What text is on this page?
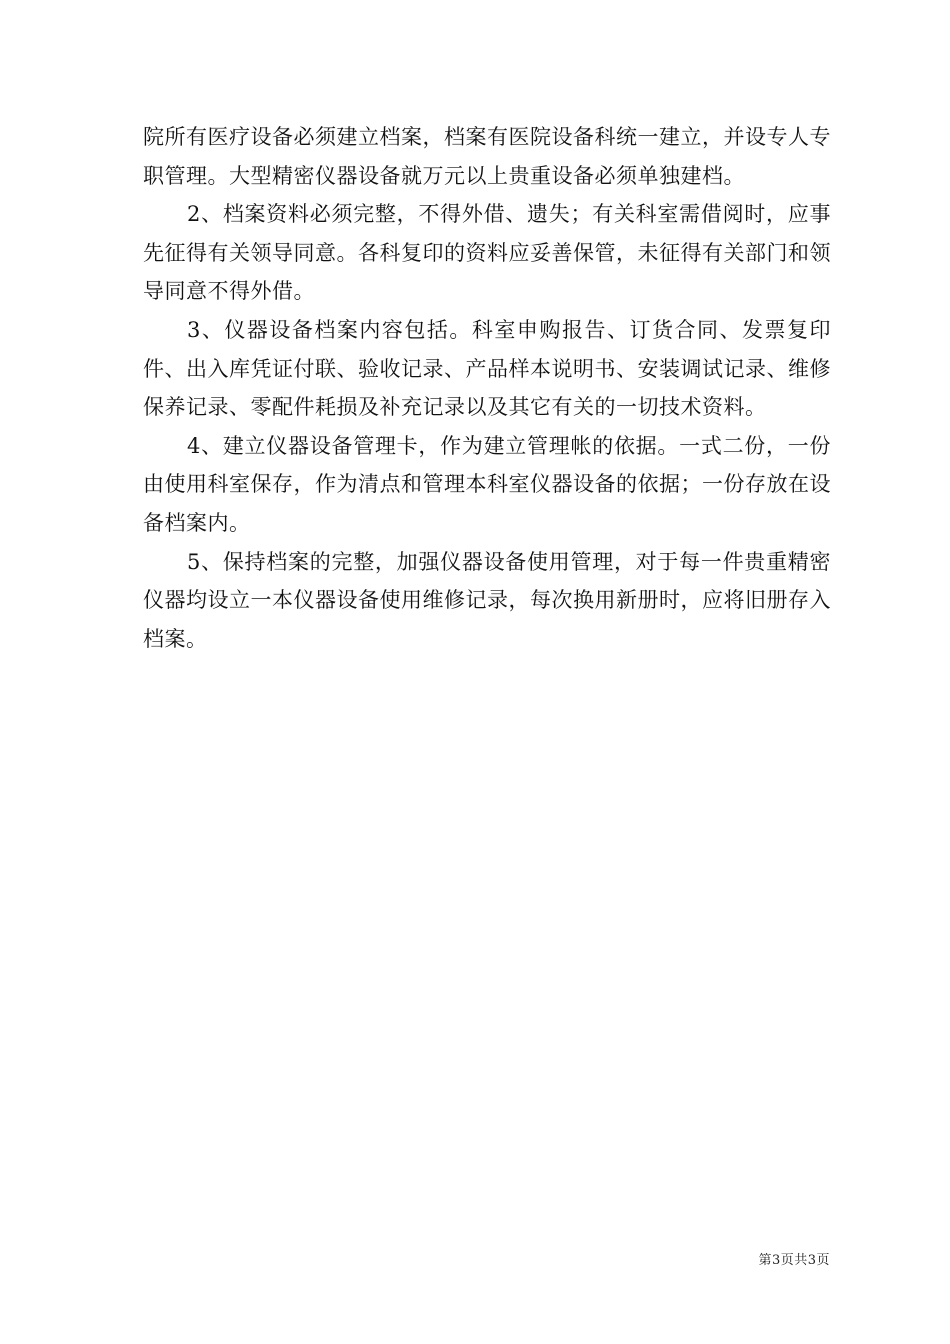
院所有医疗设备必须建立档案，档案有医院设备科统一建立，并设专人专职管理。大型精密仪器设备就万元以上贵重设备必须单独建档。

2、档案资料必须完整，不得外借、遗失；有关科室需借阅时，应事先征得有关领导同意。各科复印的资料应妥善保管，未征得有关部门和领导同意不得外借。

3、仪器设备档案内容包括。科室申购报告、订货合同、发票复印件、出入库凭证付联、验收记录、产品样本说明书、安装调试记录、维修保养记录、零配件耗损及补充记录以及其它有关的一切技术资料。

4、建立仪器设备管理卡，作为建立管理帐的依据。一式二份，一份由使用科室保存，作为清点和管理本科室仪器设备的依据；一份存放在设备档案内。

5、保持档案的完整，加强仪器设备使用管理，对于每一件贵重精密仪器均设立一本仪器设备使用维修记录，每次换用新册时，应将旧册存入档案。

第3页共3页
